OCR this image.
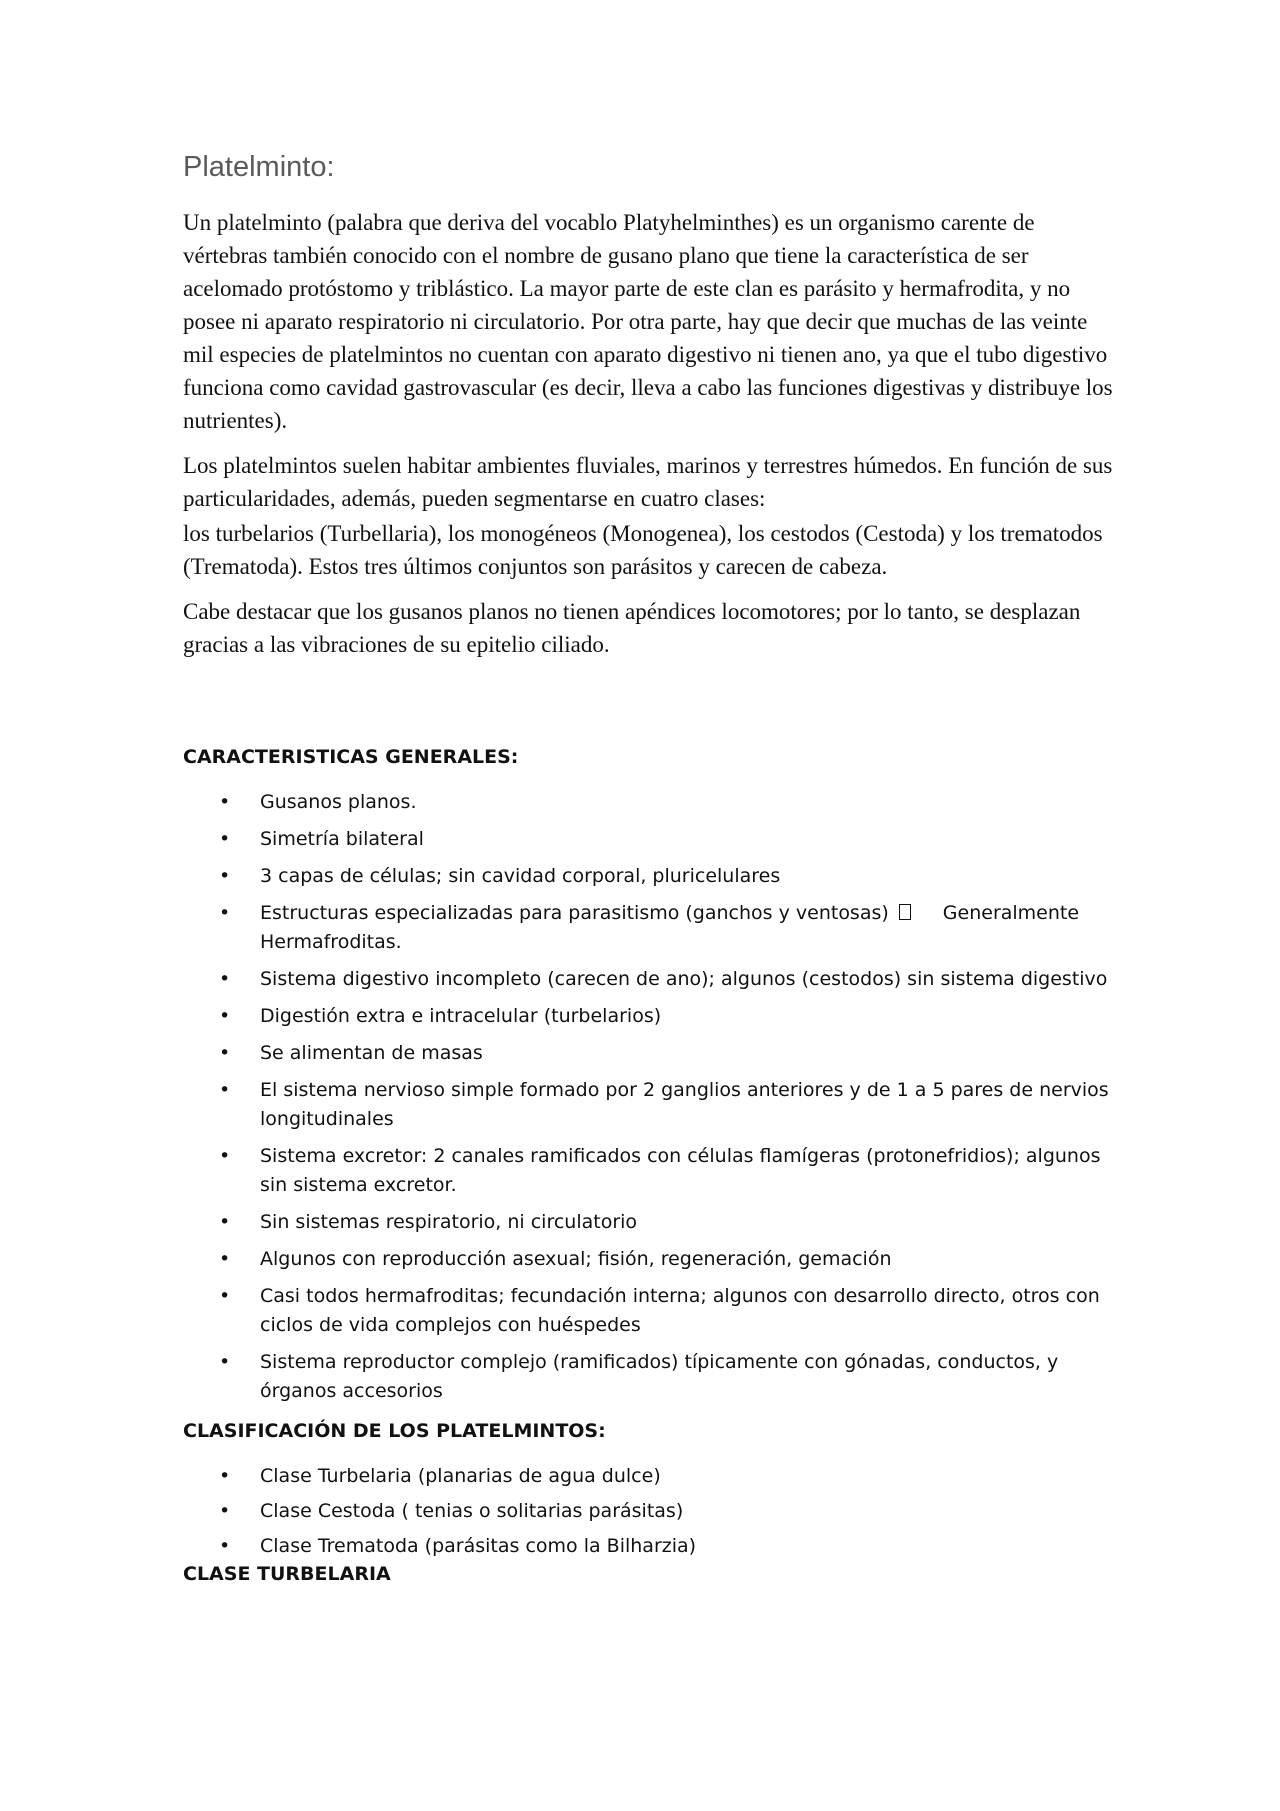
Platelminto:

Un platelminto (palabra que deriva del vocablo Platyhelminthes) es un organismo carente de vértebras también conocido con el nombre de gusano plano que tiene la característica de ser acelomado protóstomo y triblástico. La mayor parte de este clan es parásito y hermafrodita, y no posee ni aparato respiratorio ni circulatorio. Por otra parte, hay que decir que muchas de las veinte mil especies de platelmintos no cuentan con aparato digestivo ni tienen ano, ya que el tubo digestivo funciona como cavidad gastrovascular (es decir, lleva a cabo las funciones digestivas y distribuye los nutrientes).

Los platelmintos suelen habitar ambientes fluviales, marinos y terrestres húmedos. En función de sus particularidades, además, pueden segmentarse en cuatro clases:

los turbelarios (Turbellaria), los monogéneos (Monogenea), los cestodos (Cestoda) y los trematodos (Trematoda). Estos tres últimos conjuntos son parásitos y carecen de cabeza.

Cabe destacar que los gusanos planos no tienen apéndices locomotores; por lo tanto, se desplazan gracias a las vibraciones de su epitelio ciliado.

CARACTERISTICAS GENERALES:
• Gusanos planos.
• Simetría bilateral
• 3 capas de células; sin cavidad corporal, pluricelulares
• Estructuras especializadas para parasitismo (ganchos y ventosas)	Generalmente Hermafroditas.
• Sistema digestivo incompleto (carecen de ano); algunos (cestodos) sin sistema digestivo
• Digestión extra e intracelular (turbelarios)
• Se alimentan de masas
• El sistema nervioso simple formado por 2 ganglios anteriores y de 1 a 5 pares de nervios longitudinales
• Sistema excretor: 2 canales ramificados con células flamígeras (protonefridios); algunos sin sistema excretor.
• Sin sistemas respiratorio, ni circulatorio
• Algunos con reproducción asexual; fisión, regeneración, gemación
• Casi todos hermafroditas; fecundación interna; algunos con desarrollo directo, otros con ciclos de vida complejos con huéspedes
• Sistema reproductor complejo (ramificados) típicamente con gónadas, conductos, y órganos accesorios
CLASIFICACIÓN DE LOS PLATELMINTOS:
• Clase Turbelaria (planarias de agua dulce)
• Clase Cestoda ( tenias o solitarias parásitas)
• Clase Trematoda (parásitas como la Bilharzia)
CLASE TURBELARIA
